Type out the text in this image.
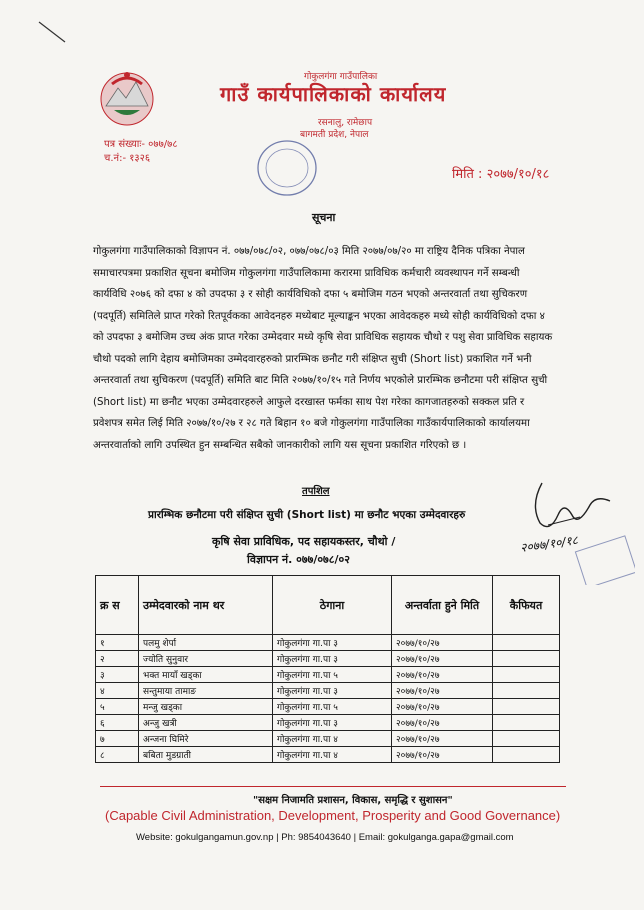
गोकुलगंगा गाउँपालिका
गाउँ कार्यपालिकाको कार्यालय
रसनालु, रामेछाप
बागमती प्रदेश, नेपाल
पत्र संख्याः- ०७७/७८
च.नं:- १३२६
मिति : २०७७/१०/१८
सूचना
गोकुलगंगा गाउँपालिकाको विज्ञापन नं. ०७७/०७८/०२, ०७७/०७८/०३ मिति २०७७/०७/२० मा राष्ट्रिय दैनिक पत्रिका नेपाल समाचारपत्रमा प्रकाशित सूचना बमोजिम गोकुलगंगा गाउँपालिकामा करारमा प्राविधिक कर्मचारी व्यवस्थापन गर्ने सम्बन्धी कार्यविधि २०७६ को दफा ४ को उपदफा ३ र सोही कार्यविधिको दफा ५ बमोजिम गठन भएको अन्तरवार्ता तथा सुचिकरण (पदपूर्ति) समितिले प्राप्त गरेको रितपूर्वकका आवेदनहरु मध्येबाट मूल्याङ्कन भएका आवेदकहरु मध्ये सोही कार्यविधिको दफा ४ को उपदफा ३ बमोजिम उच्च अंक प्राप्त गरेका उम्मेदवार मध्ये कृषि सेवा प्राविधिक सहायक चौथो र पशु सेवा प्राविधिक सहायक चौथो पदको लागि देहाय बमोजिमका उम्मेदवारहरुको प्रारम्भिक छनौट गरी संक्षिप्त सुची (Short list) प्रकाशित गर्ने भनी अन्तरवार्ता तथा सुचिकरण (पदपूर्ति) समिति बाट मिति २०७७/१०/१५ गते निर्णय भएकोले प्रारम्भिक छनौटमा परी संक्षिप्त सुची (Short list) मा छनौट भएका उम्मेदवारहरुले आफुले दरखास्त फर्मका साथ पेश गरेका कागजातहरुको सक्कल प्रति र प्रवेशपत्र समेत लिई मिति २०७७/१०/२७ र २८ गते बिहान १० बजे गोकुलगंगा गाउँपालिका गाउँकार्यपालिकाको कार्यालयमा अन्तरवार्ताको लागि उपस्थित हुन सम्बन्धित सबैको जानकारीको लागि यस सूचना प्रकाशित गरिएको छ ।
तपशिल
प्रारम्भिक छनौटमा परी संक्षिप्त सुची (Short list) मा छनौट भएका उम्मेदवारहरु
कृषि सेवा प्राविधिक, पद सहायकस्तर, चौथो /
विज्ञापन नं. ०७७/०७८/०२
२०७७/१०/१८
क्र स	उम्मेदवारको नाम थर	ठेगाना	अन्तर्वाता हुने मिति	कैफियत
१	पलमु शेर्पा	गोकुलगंगा गा.पा ३	२०७७/१०/२७	
२	ज्योति सुनुवार	गोकुलगंगा गा.पा ३	२०७७/१०/२७	
३	भक्त मायाँ खड्का	गोकुलगंगा गा.पा ५	२०७७/१०/२७	
४	सन्तुमाया तामाङ	गोकुलगंगा गा.पा ३	२०७७/१०/२७	
५	मन्जु खड्का	गोकुलगंगा गा.पा ५	२०७७/१०/२७	
६	अन्जु खत्री	गोकुलगंगा गा.पा ३	२०७७/१०/२७	
७	अन्जना घिमिरे	गोकुलगंगा गा.पा ४	२०७७/१०/२७	
८	बबिता मुडग्राती	गोकुलगंगा गा.पा ४	२०७७/१०/२७	
"सक्षम निजामति प्रशासन, विकास, समृद्धि र सुशासन"
(Capable Civil Administration, Development, Prosperity and Good Governance)
Website: gokulgangamun.gov.np | Ph: 9854043640 | Email: gokulganga.gapa@gmail.com
